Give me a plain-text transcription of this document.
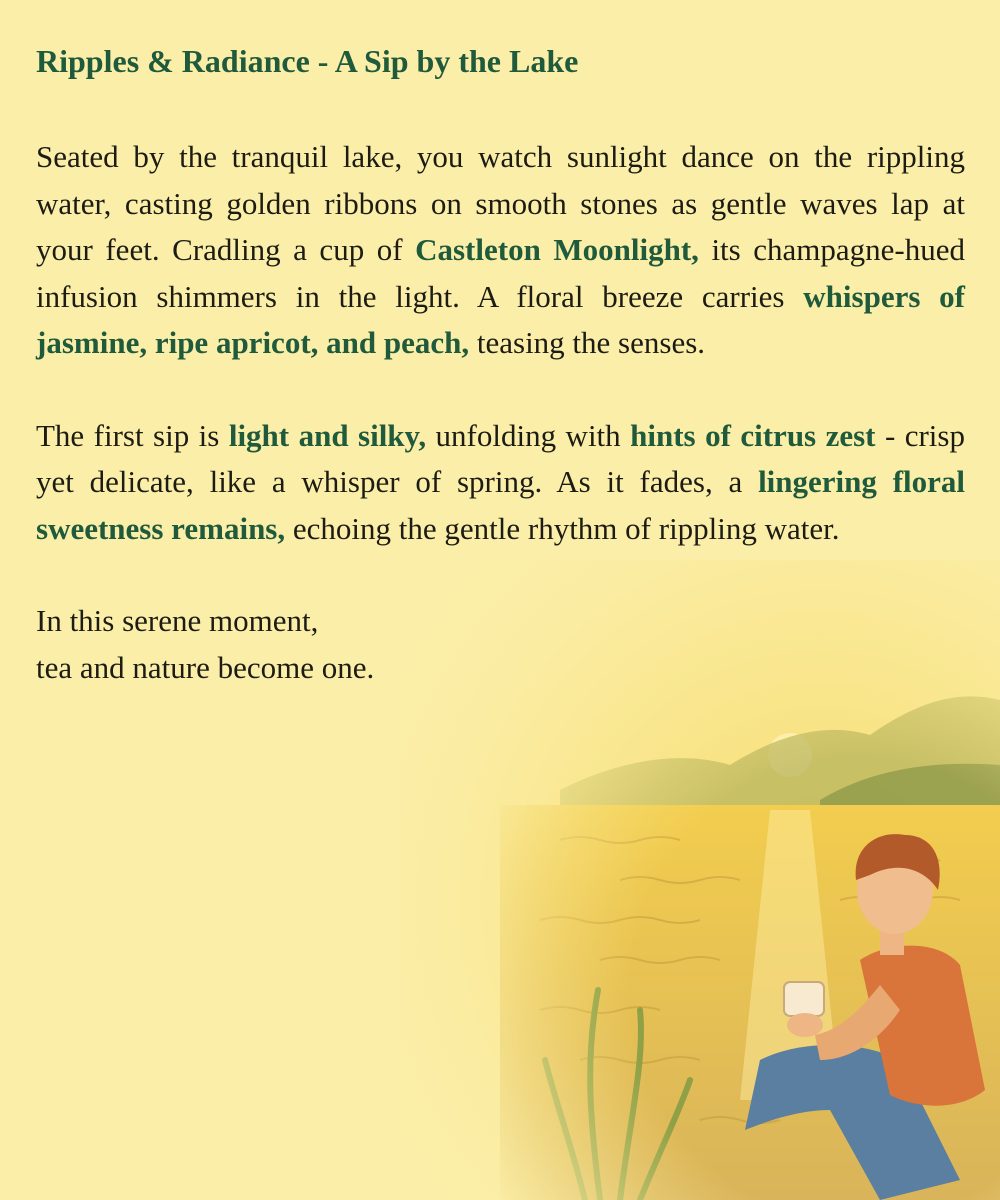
Ripples & Radiance - A Sip by the Lake

Seated by the tranquil lake, you watch sunlight dance on the rippling water, casting golden ribbons on smooth stones as gentle waves lap at your feet. Cradling a cup of Castleton Moonlight, its champagne-hued infusion shimmers in the light. A floral breeze carries whispers of jasmine, ripe apricot, and peach, teasing the senses.

The first sip is light and silky, unfolding with hints of citrus zest - crisp yet delicate, like a whisper of spring. As it fades, a lingering floral sweetness remains, echoing the gentle rhythm of rippling water.

In this serene moment,
tea and nature become one.
